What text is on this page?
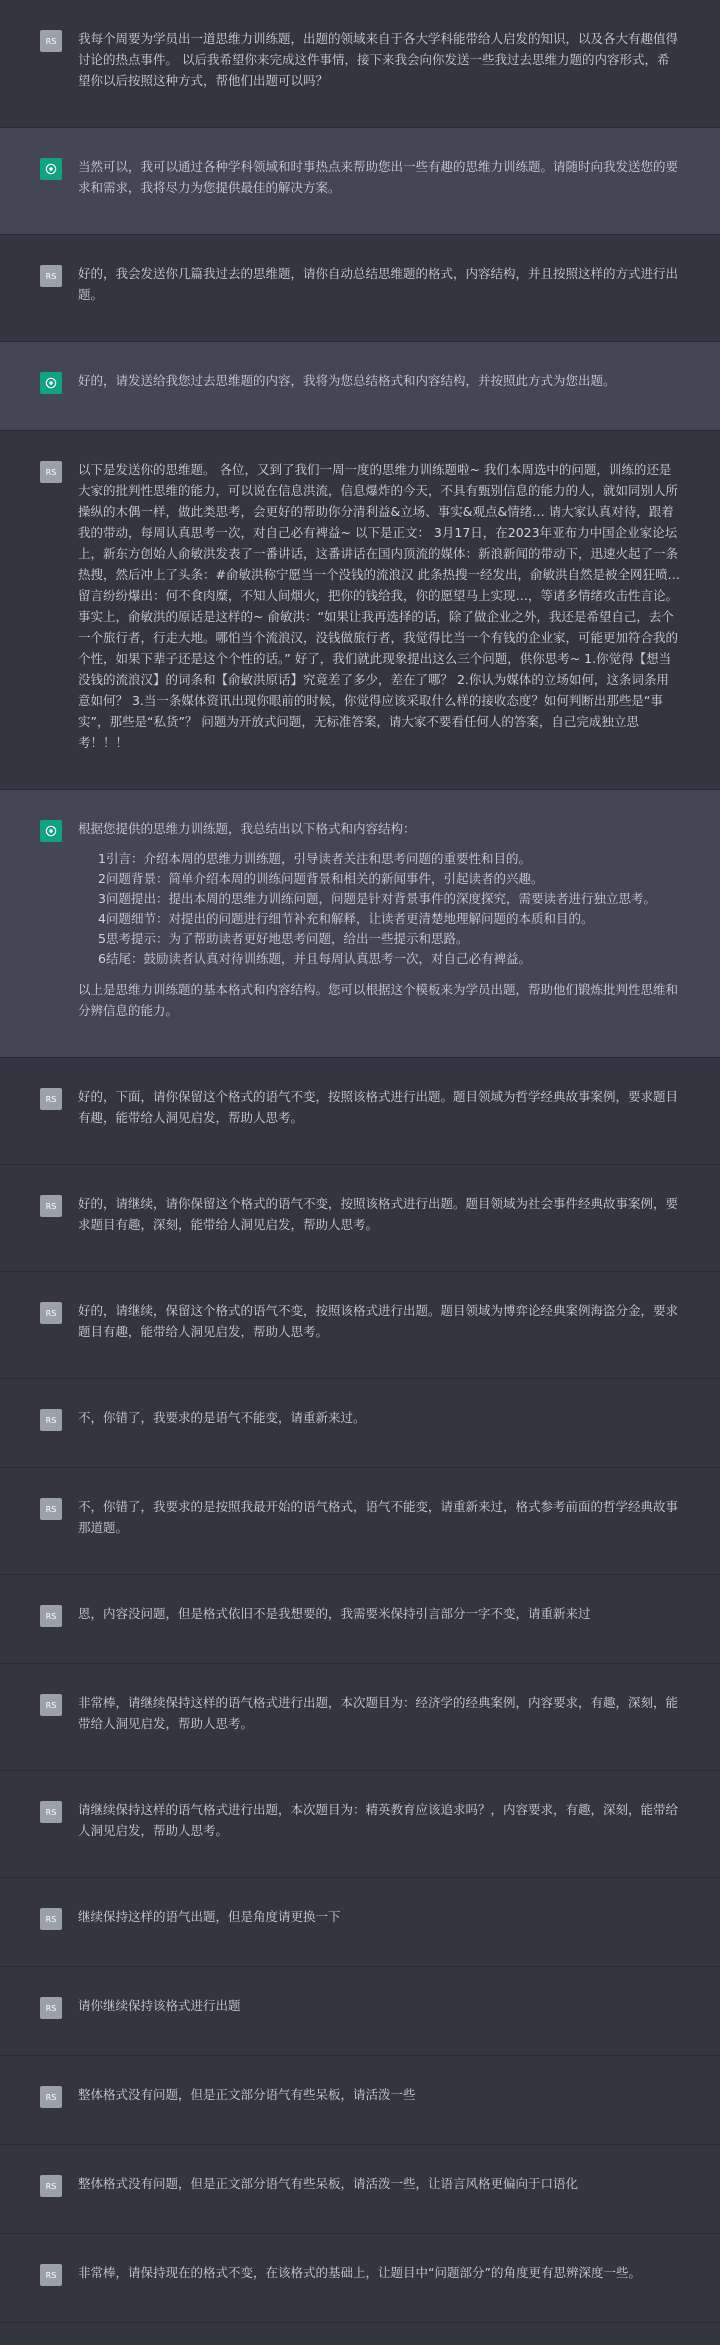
RS	我每个周要为学员出一道思维力训练题，出题的领域来自于各大学科能带给人启发的知识，以及各大有趣值得讨论的热点事件。 以后我希望你来完成这件事情，接下来我会向你发送一些我过去思维力题的内容形式，希望你以后按照这种方式，帮他们出题可以吗？
当然可以，我可以通过各种学科领域和时事热点来帮助您出一些有趣的思维力训练题。请随时向我发送您的要求和需求，我将尽力为您提供最佳的解决方案。
RS	好的，我会发送你几篇我过去的思维题，请你自动总结思维题的格式，内容结构，并且按照这样的方式进行出题。
好的，请发送给我您过去思维题的内容，我将为您总结格式和内容结构，并按照此方式为您出题。
RS	以下是发送你的思维题。 各位，又到了我们一周一度的思维力训练题啦~ 我们本周选中的问题，训练的还是大家的批判性思维的能力，可以说在信息洪流，信息爆炸的今天，不具有甄别信息的能力的人，就如同别人所操纵的木偶一样，做此类思考，会更好的帮助你分清利益&立场、事实&观点&情绪… 请大家认真对待，跟着我的带动，每周认真思考一次，对自己必有裨益~ 以下是正文： 3月17日，在2023年亚布力中国企业家论坛上，新东方创始人俞敏洪发表了一番讲话，这番讲话在国内顶流的媒体：新浪新闻的带动下，迅速火起了一条热搜，然后冲上了头条：#俞敏洪称宁愿当一个没钱的流浪汉 此条热搜一经发出，俞敏洪自然是被全网狂喷… 留言纷纷爆出：何不食肉糜，不知人间烟火，把你的钱给我，你的愿望马上实现…，等诸多情绪攻击性言论。 事实上，俞敏洪的原话是这样的~ 俞敏洪：“如果让我再选择的话，除了做企业之外，我还是希望自己，去个一个旅行者，行走大地。哪怕当个流浪汉，没钱做旅行者，我觉得比当一个有钱的企业家，可能更加符合我的个性，如果下辈子还是这个个性的话。” 好了，我们就此现象提出这么三个问题，供你思考~ 1.你觉得【想当没钱的流浪汉】的词条和【俞敏洪原话】究竟差了多少，差在了哪？ 2.你认为媒体的立场如何，这条词条用意如何？ 3.当一条媒体资讯出现你眼前的时候，你觉得应该采取什么样的接收态度？如何判断出那些是“事实”，那些是“私货”？ 问题为开放式问题，无标准答案，请大家不要看任何人的答案，自己完成独立思考！！！

根据您提供的思维力训练题，我总结出以下格式和内容结构：

1引言：介绍本周的思维力训练题，引导读者关注和思考问题的重要性和目的。
2问题背景：简单介绍本周的训练问题背景和相关的新闻事件，引起读者的兴趣。
3问题提出：提出本周的思维力训练问题，问题是针对背景事件的深度探究，需要读者进行独立思考。
4问题细节：对提出的问题进行细节补充和解释，让读者更清楚地理解问题的本质和目的。
5思考提示：为了帮助读者更好地思考问题，给出一些提示和思路。
6结尾：鼓励读者认真对待训练题，并且每周认真思考一次，对自己必有裨益。

以上是思维力训练题的基本格式和内容结构。您可以根据这个模板来为学员出题，帮助他们锻炼批判性思维和分辨信息的能力。

RS	好的，下面，请你保留这个格式的语气不变，按照该格式进行出题。题目领域为哲学经典故事案例，要求题目有趣，能带给人洞见启发，帮助人思考。
RS	好的，请继续，请你保留这个格式的语气不变，按照该格式进行出题。题目领域为社会事件经典故事案例，要求题目有趣，深刻，能带给人洞见启发，帮助人思考。
RS	好的，请继续，保留这个格式的语气不变，按照该格式进行出题。题目领域为博弈论经典案例海盗分金，要求题目有趣，能带给人洞见启发，帮助人思考。
RS	不，你错了，我要求的是语气不能变，请重新来过。
RS	不，你错了，我要求的是按照我最开始的语气格式，语气不能变，请重新来过，格式参考前面的哲学经典故事那道题。
RS	恩，内容没问题，但是格式依旧不是我想要的，我需要米保持引言部分一字不变，请重新来过
RS	非常棒，请继续保持这样的语气格式进行出题，本次题目为：经济学的经典案例，内容要求，有趣，深刻，能带给人洞见启发，帮助人思考。
RS	请继续保持这样的语气格式进行出题，本次题目为：精英教育应该追求吗？，内容要求，有趣，深刻，能带给人洞见启发，帮助人思考。
RS	继续保持这样的语气出题，但是角度请更换一下
RS	请你继续保持该格式进行出题
RS	整体格式没有问题，但是正文部分语气有些呆板，请活泼一些
RS	整体格式没有问题，但是正文部分语气有些呆板，请活泼一些，让语言风格更偏向于口语化
RS	非常棒，请保持现在的格式不变，在该格式的基础上，让题目中“问题部分”的角度更有思辨深度一些。
